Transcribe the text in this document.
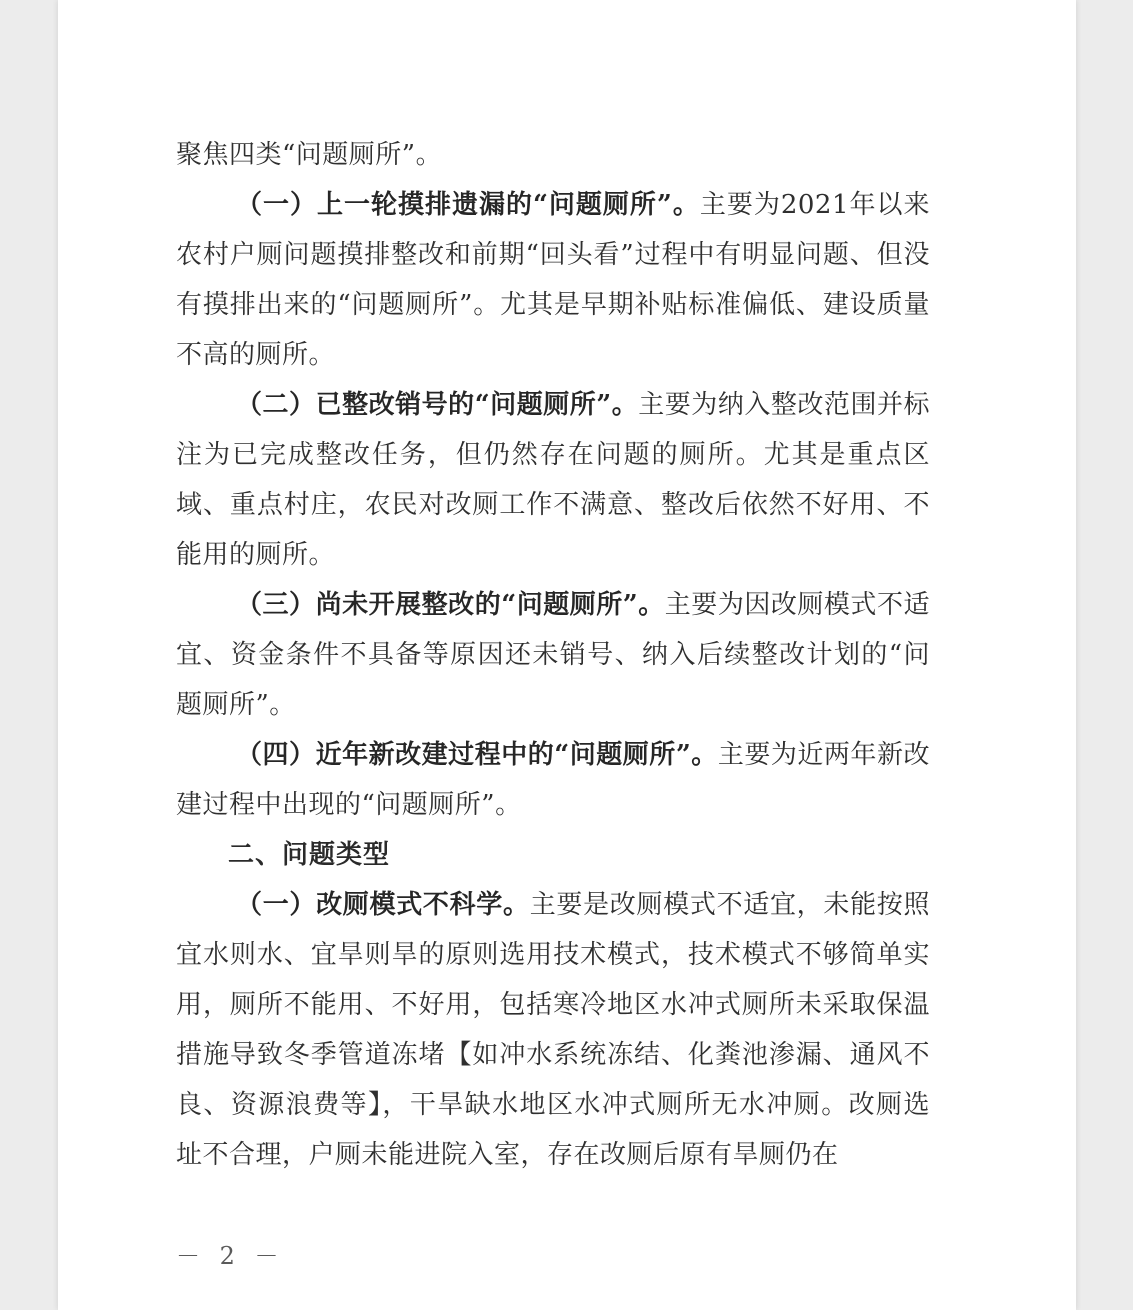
聚焦四类“问题厕所”。

（一）上一轮摸排遗漏的“问题厕所”。主要为2021年以来农村户厕问题摸排整改和前期“回头看”过程中有明显问题、但没有摸排出来的“问题厕所”。尤其是早期补贴标准偏低、建设质量不高的厕所。

（二）已整改销号的“问题厕所”。主要为纳入整改范围并标注为已完成整改任务，但仍然存在问题的厕所。尤其是重点区域、重点村庄，农民对改厕工作不满意、整改后依然不好用、不能用的厕所。

（三）尚未开展整改的“问题厕所”。主要为因改厕模式不适宜、资金条件不具备等原因还未销号、纳入后续整改计划的“问题厕所”。

（四）近年新改建过程中的“问题厕所”。主要为近两年新改建过程中出现的“问题厕所”。

二、问题类型

（一）改厕模式不科学。主要是改厕模式不适宜，未能按照宜水则水、宜旱则旱的原则选用技术模式，技术模式不够简单实用，厕所不能用、不好用，包括寒冷地区水冲式厕所未采取保温措施导致冬季管道冻堵【如冲水系统冻结、化粪池渗漏、通风不良、资源浪费等】，干旱缺水地区水冲式厕所无水冲厕。改厕选址不合理，户厕未能进院入室，存在改厕后原有旱厕仍在

－ 2 －
